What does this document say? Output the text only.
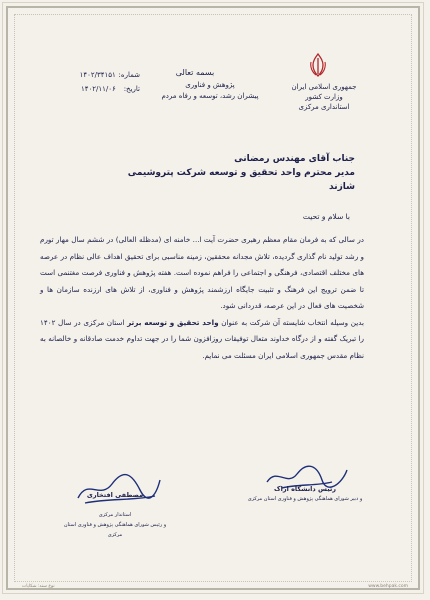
جمهوری اسلامی ایران
وزارت کشور
استانداری مرکزی
بسمه تعالی
پژوهش و فناوری
پیشران رشد، توسعه و رفاه مردم
شماره: ۱۴۰۲/۳۴۱۵۱
تاریخ: ۱۴۰۲/۱۱/۰۶
جناب آقای مهندس رمضانی
مدیر محترم واحد تحقیق و توسعه شرکت پتروشیمی شازند
با سلام و تحیت
در سالی که به فرمان مقام معظم رهبری حضرت آیت ا... خامنه ای (مدظله العالی) در ششم سال مهار تورم و رشد تولید نام گذاری گردیده، تلاش مجدانه محققین، زمینه مناسبی برای تحقیق اهداف عالی نظام در عرصه های مختلف اقتصادی، فرهنگی و اجتماعی را فراهم نموده است. هفته پژوهش و فناوری فرصت مغتنمی است تا ضمن ترویج این فرهنگ و تثبیت جایگاه ارزشمند پژوهش و فناوری، از تلاش های ارزنده سازمان ها و شخصیت های فعال در این عرصه، قدردانی شود.
بدین وسیله انتخاب شایسته آن شرکت به عنوان واحد تحقیق و توسعه برتر استان مرکزی در سال ۱۴۰۲ را تبریک گفته و از درگاه خداوند متعال توفیقات روزافزون شما را در جهت تداوم خدمت صادقانه و خالصانه به نظام مقدس جمهوری اسلامی ایران مسئلت می نمایم.
رئیس دانشگاه اراک
و دبیر شورای هماهنگی پژوهش و فناوری استان مرکزی
مصطفی افتخاری
استاندار مرکزی
و رئیس شورای هماهنگی پژوهش و فناوری استان مرکزی
نوع سند: شکایات	www.behpak.com
